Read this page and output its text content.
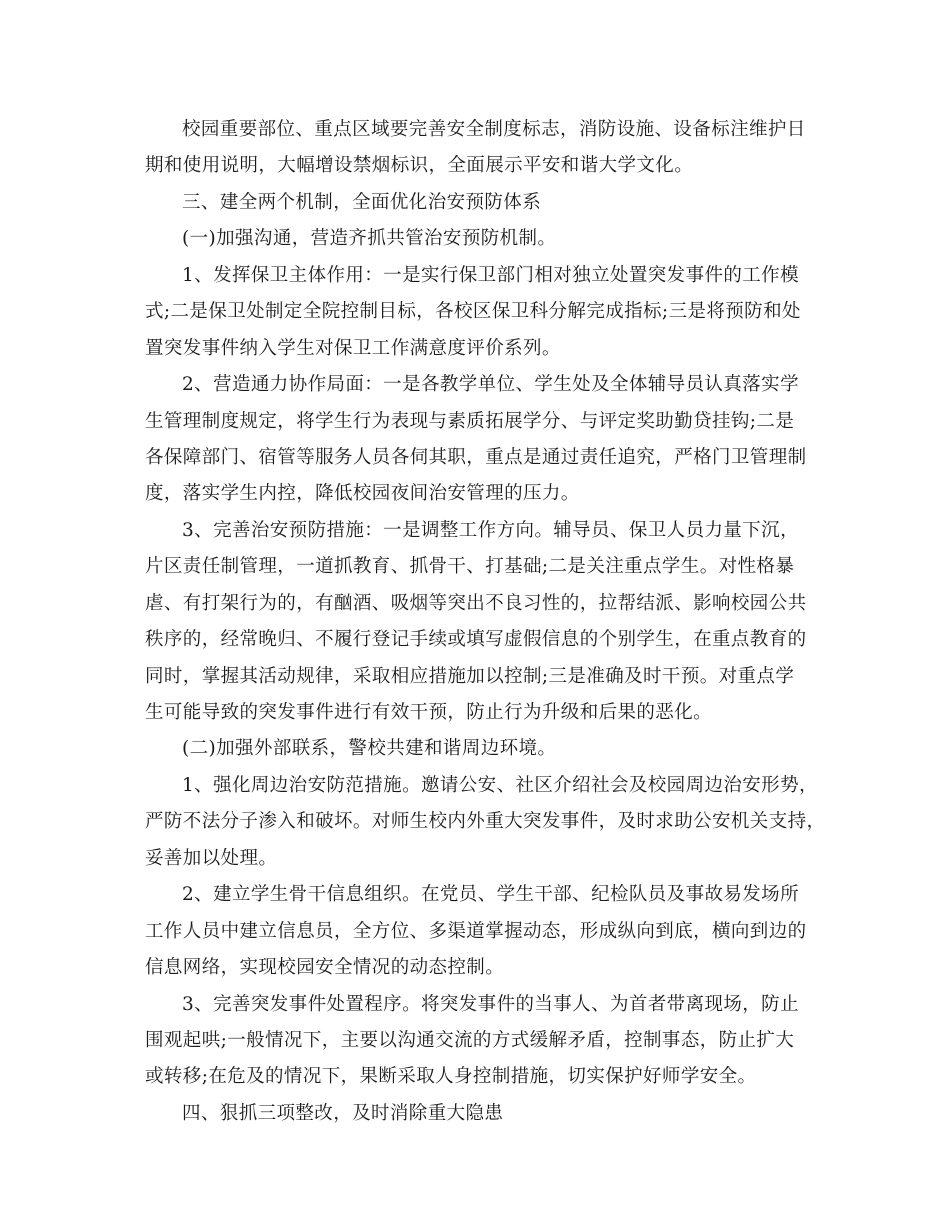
校园重要部位、重点区域要完善安全制度标志，消防设施、设备标注维护日
期和使用说明，大幅增设禁烟标识，全面展示平安和谐大学文化。
三、建全两个机制，全面优化治安预防体系
(一)加强沟通，营造齐抓共管治安预防机制。
1、发挥保卫主体作用：一是实行保卫部门相对独立处置突发事件的工作模
式;二是保卫处制定全院控制目标，各校区保卫科分解完成指标;三是将预防和处
置突发事件纳入学生对保卫工作满意度评价系列。
2、营造通力协作局面：一是各教学单位、学生处及全体辅导员认真落实学
生管理制度规定，将学生行为表现与素质拓展学分、与评定奖助勤贷挂钩;二是
各保障部门、宿管等服务人员各伺其职，重点是通过责任追究，严格门卫管理制
度，落实学生内控，降低校园夜间治安管理的压力。
3、完善治安预防措施：一是调整工作方向。辅导员、保卫人员力量下沉，
片区责任制管理，一道抓教育、抓骨干、打基础;二是关注重点学生。对性格暴
虐、有打架行为的，有酗酒、吸烟等突出不良习性的，拉帮结派、影响校园公共
秩序的，经常晚归、不履行登记手续或填写虚假信息的个别学生，在重点教育的
同时，掌握其活动规律，采取相应措施加以控制;三是准确及时干预。对重点学
生可能导致的突发事件进行有效干预，防止行为升级和后果的恶化。
(二)加强外部联系，警校共建和谐周边环境。
1、强化周边治安防范措施。邀请公安、社区介绍社会及校园周边治安形势，
严防不法分子渗入和破坏。对师生校内外重大突发事件，及时求助公安机关支持，
妥善加以处理。
2、建立学生骨干信息组织。在党员、学生干部、纪检队员及事故易发场所
工作人员中建立信息员，全方位、多渠道掌握动态，形成纵向到底，横向到边的
信息网络，实现校园安全情况的动态控制。
3、完善突发事件处置程序。将突发事件的当事人、为首者带离现场，防止
围观起哄;一般情况下，主要以沟通交流的方式缓解矛盾，控制事态，防止扩大
或转移;在危及的情况下，果断采取人身控制措施，切实保护好师学安全。
四、狠抓三项整改，及时消除重大隐患
